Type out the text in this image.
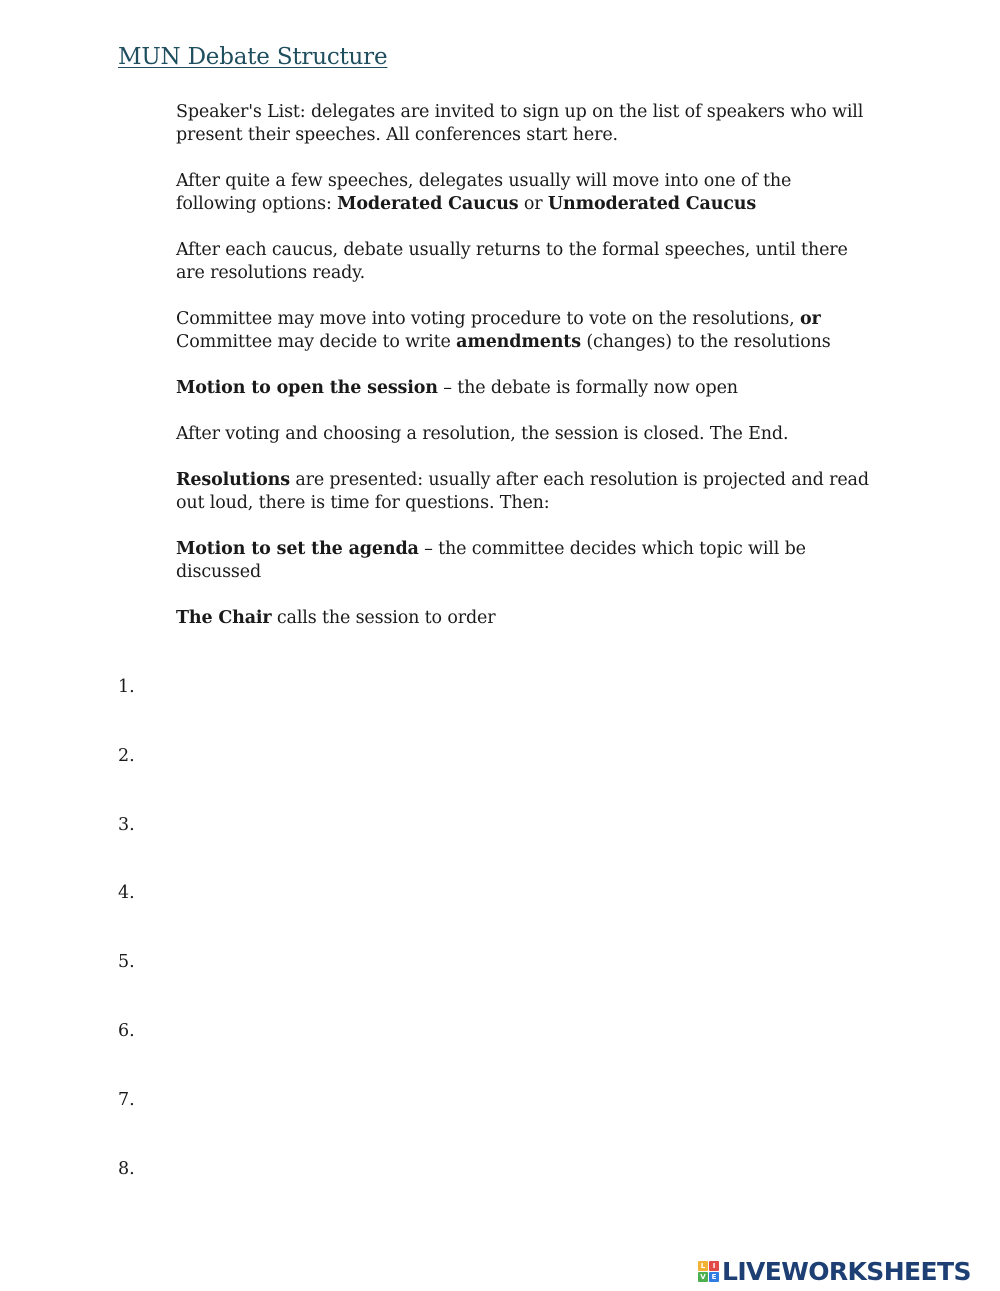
MUN Debate Structure

Speaker's List: delegates are invited to sign up on the list of speakers who will present their speeches. All conferences start here.

After quite a few speeches, delegates usually will move into one of the following options: Moderated Caucus or Unmoderated Caucus

After each caucus, debate usually returns to the formal speeches, until there are resolutions ready.

Committee may move into voting procedure to vote on the resolutions, or Committee may decide to write amendments (changes) to the resolutions

Motion to open the session – the debate is formally now open

After voting and choosing a resolution, the session is closed. The End.

Resolutions are presented: usually after each resolution is projected and read out loud, there is time for questions. Then:

Motion to set the agenda – the committee decides which topic will be discussed

The Chair calls the session to order

1.
2.
3.
4.
5.
6.
7.
8.
L	I
V E LIVEWORKSHEETS
